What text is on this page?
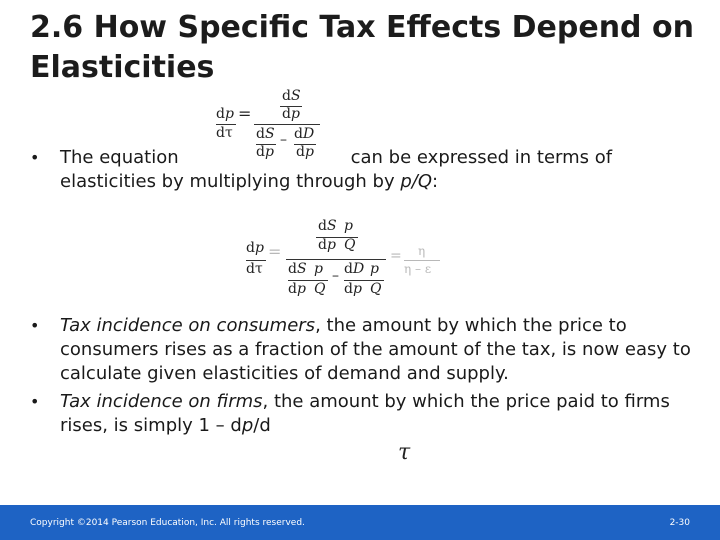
2.6 How Specific Tax Effects Depend on Elasticities
dp
dτ
=
dS
dp
dS
dp
– dD
dp
•	The equation	can be expressed in terms of
elasticities by multiplying through by p/Q:
dp
dτ
=
dS p
dp Q
dS p
dp Q
– dD p
dp Q
= η
η – ε
•	Tax incidence on consumers, the amount by which the price to consumers rises as a fraction of the amount of the tax, is now easy to calculate given elasticities of demand and supply.
•	Tax incidence on firms, the amount by which the price paid to firms rises, is simply 1 – dp/d
τ
Copyright ©2014 Pearson Education, Inc. All rights reserved.	2-30
